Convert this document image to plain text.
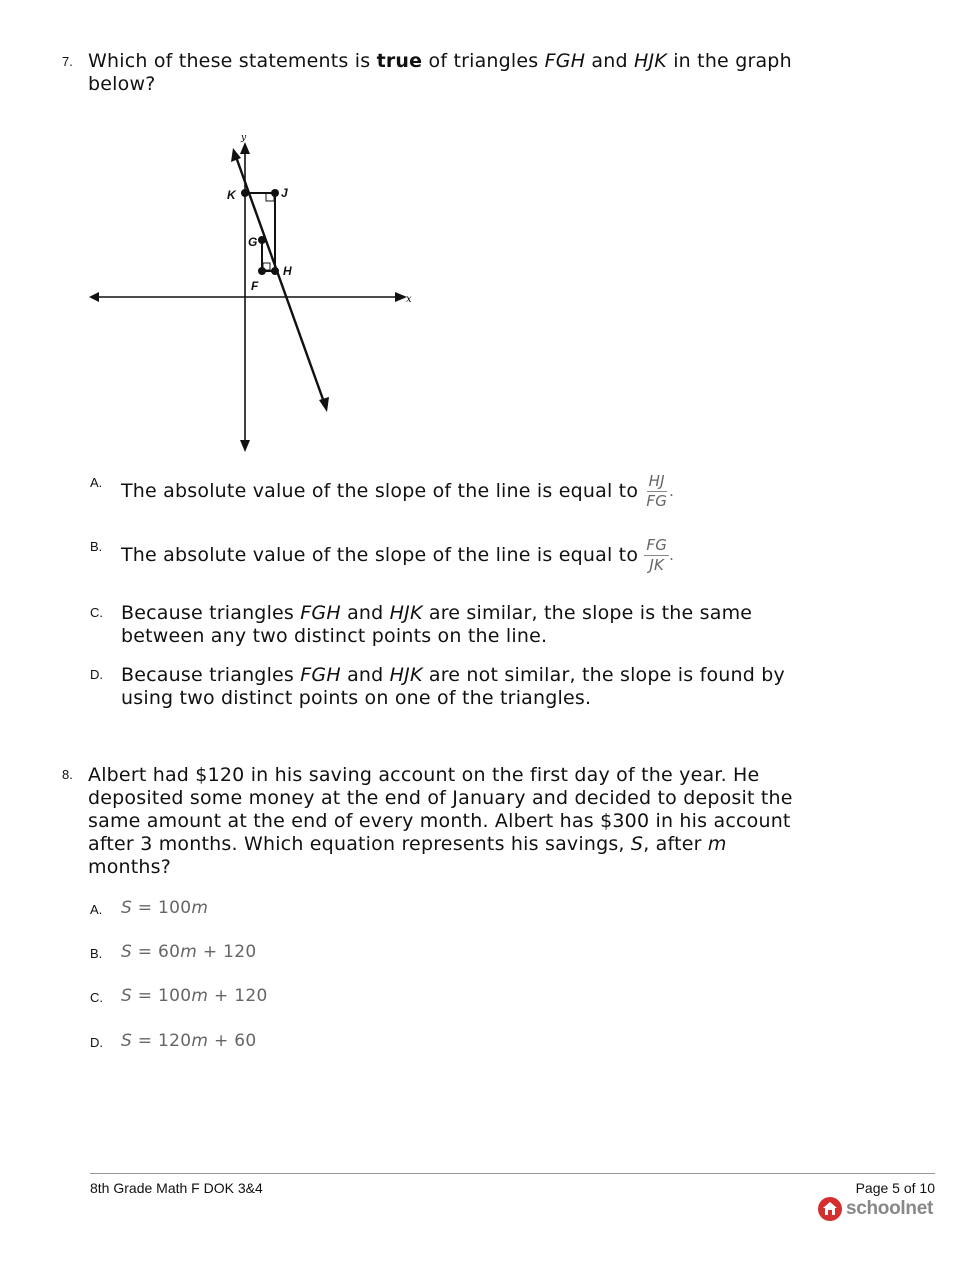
7. Which of these statements is true of triangles FGH and HJK in the graph
below?
x
y
K	J
G
H
F
A. The absolute value of the slope of the line is equal to
$\frac{HJ}{FG}$ .
B. The absolute value of the slope of the line is equal to
$\frac{FG}{JK}$ .
C. Because triangles FGH and HJK are similar, the slope is the same
between any two distinct points on the line.
D. Because triangles FGH and HJK are not similar, the slope is found by
using two distinct points on one of the triangles.
8. Albert had $120 in his saving account on the first day of the year. He
deposited some money at the end of January and decided to deposit the
same amount at the end of every month. Albert has $300 in his account
after 3 months. Which equation represents his savings, S, after m
months?
A. S = 100m
B. S = 60m + 120
C. S = 100m + 120
D. S = 120m + 60
8th Grade Math F DOK 3&4	Page 5 of 10
schoolnet
